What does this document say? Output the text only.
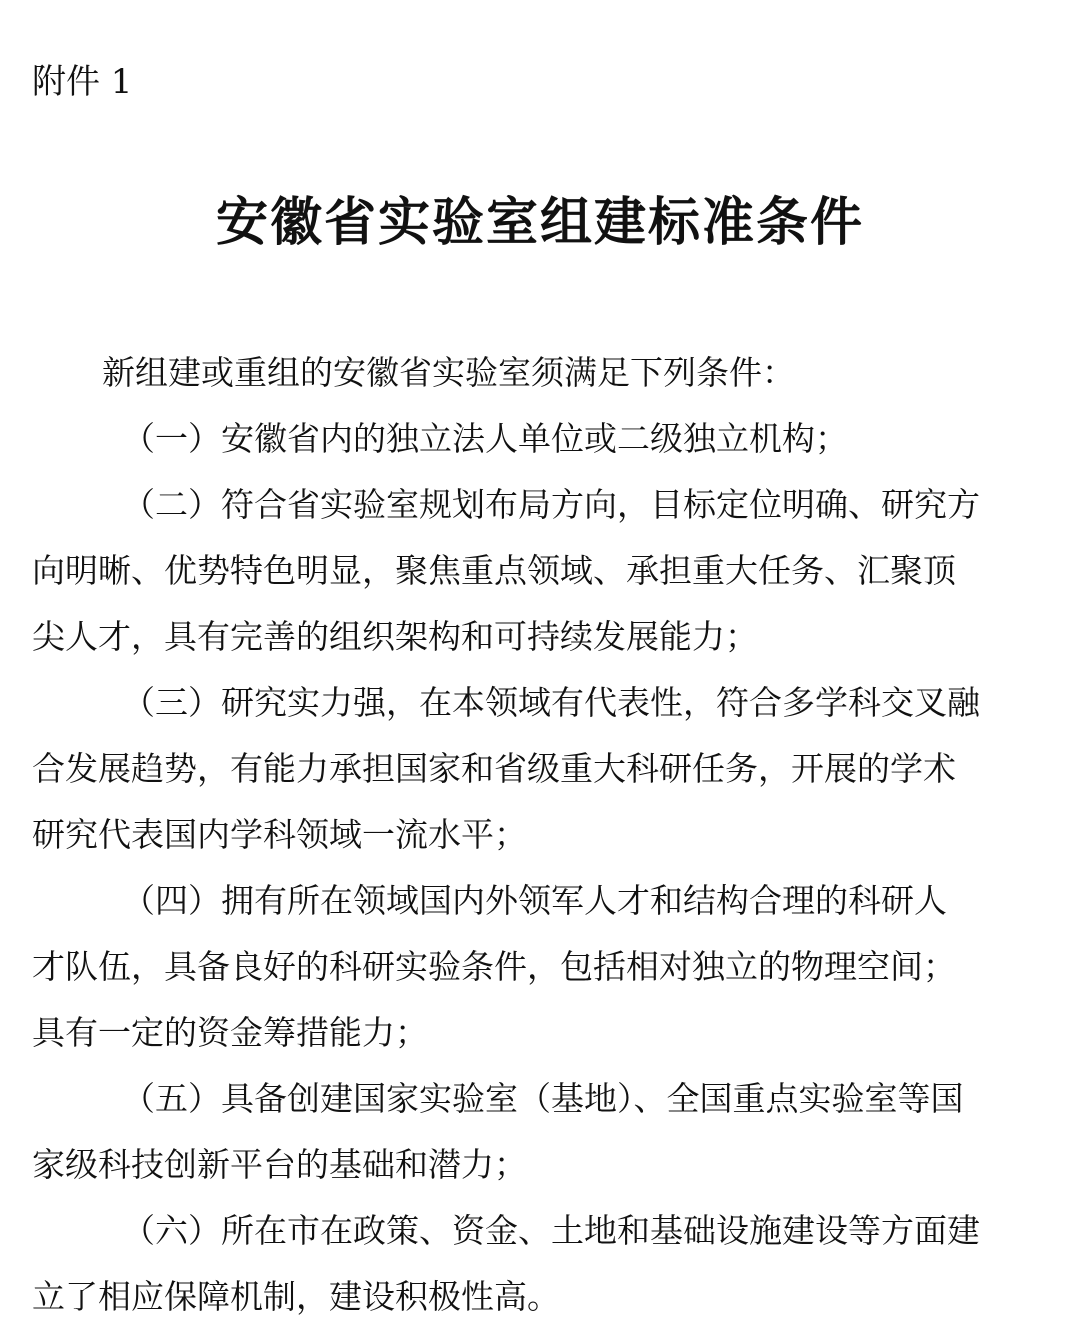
附件 1
安徽省实验室组建标准条件
新组建或重组的安徽省实验室须满足下列条件：
（一）安徽省内的独立法人单位或二级独立机构；
（二）符合省实验室规划布局方向，目标定位明确、研究方
向明晰、优势特色明显，聚焦重点领域、承担重大任务、汇聚顶
尖人才，具有完善的组织架构和可持续发展能力；
（三）研究实力强，在本领域有代表性，符合多学科交叉融
合发展趋势，有能力承担国家和省级重大科研任务，开展的学术
研究代表国内学科领域一流水平；
（四）拥有所在领域国内外领军人才和结构合理的科研人
才队伍，具备良好的科研实验条件，包括相对独立的物理空间；
具有一定的资金筹措能力；
（五）具备创建国家实验室（基地）、全国重点实验室等国
家级科技创新平台的基础和潜力；
（六）所在市在政策、资金、土地和基础设施建设等方面建
立了相应保障机制，建设积极性高。
